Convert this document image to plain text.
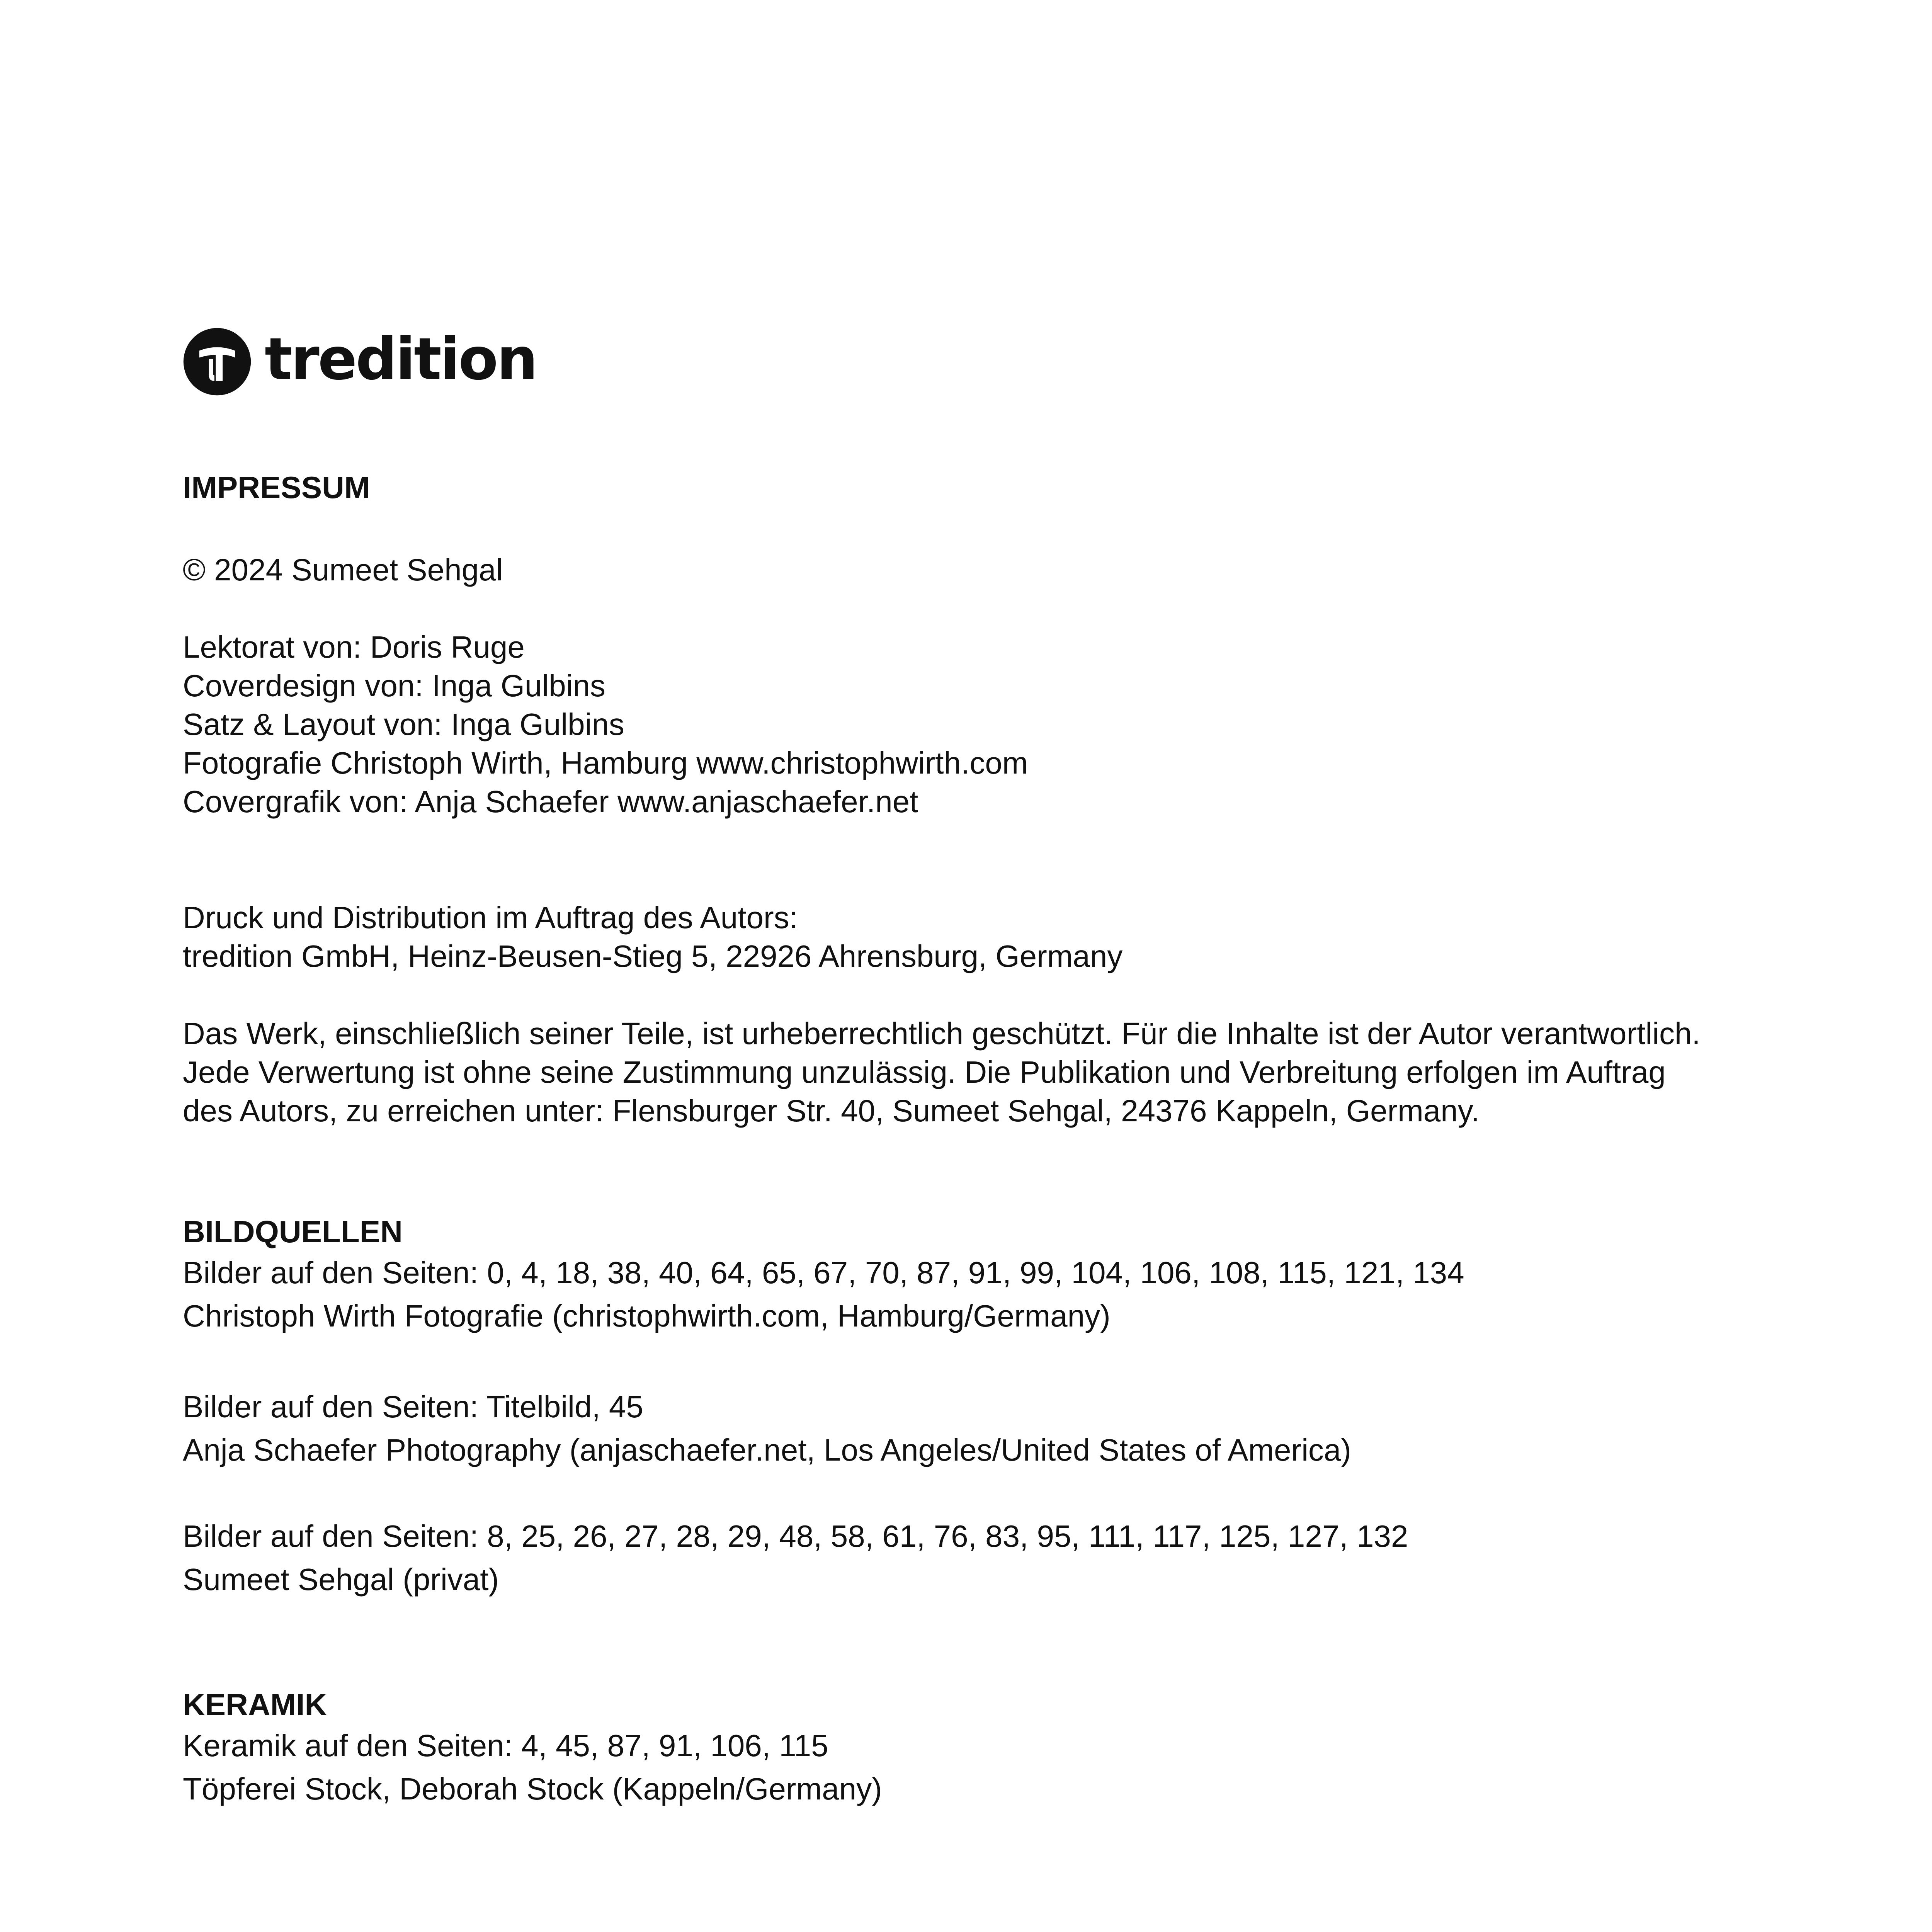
tredition
IMPRESSUM
© 2024 Sumeet Sehgal
Lektorat von: Doris Ruge
Coverdesign von: Inga Gulbins
Satz & Layout von: Inga Gulbins
Fotografie Christoph Wirth, Hamburg www.christophwirth.com
Covergrafik von: Anja Schaefer www.anjaschaefer.net
Druck und Distribution im Auftrag des Autors:
tredition GmbH, Heinz-Beusen-Stieg 5, 22926 Ahrensburg, Germany
Das Werk, einschließlich seiner Teile, ist urheberrechtlich geschützt. Für die Inhalte ist der Autor verantwortlich.
Jede Verwertung ist ohne seine Zustimmung unzulässig. Die Publikation und Verbreitung erfolgen im Auftrag
des Autors, zu erreichen unter: Flensburger Str. 40, Sumeet Sehgal, 24376 Kappeln, Germany.
BILDQUELLEN
Bilder auf den Seiten: 0, 4, 18, 38, 40, 64, 65, 67, 70, 87, 91, 99, 104, 106, 108, 115, 121, 134
Christoph Wirth Fotografie (christophwirth.com, Hamburg/Germany)
Bilder auf den Seiten: Titelbild, 45
Anja Schaefer Photography (anjaschaefer.net, Los Angeles/United States of America)
Bilder auf den Seiten: 8, 25, 26, 27, 28, 29, 48, 58, 61, 76, 83, 95, 111, 117, 125, 127, 132
Sumeet Sehgal (privat)
KERAMIK
Keramik auf den Seiten: 4, 45, 87, 91, 106, 115
Töpferei Stock, Deborah Stock (Kappeln/Germany)
